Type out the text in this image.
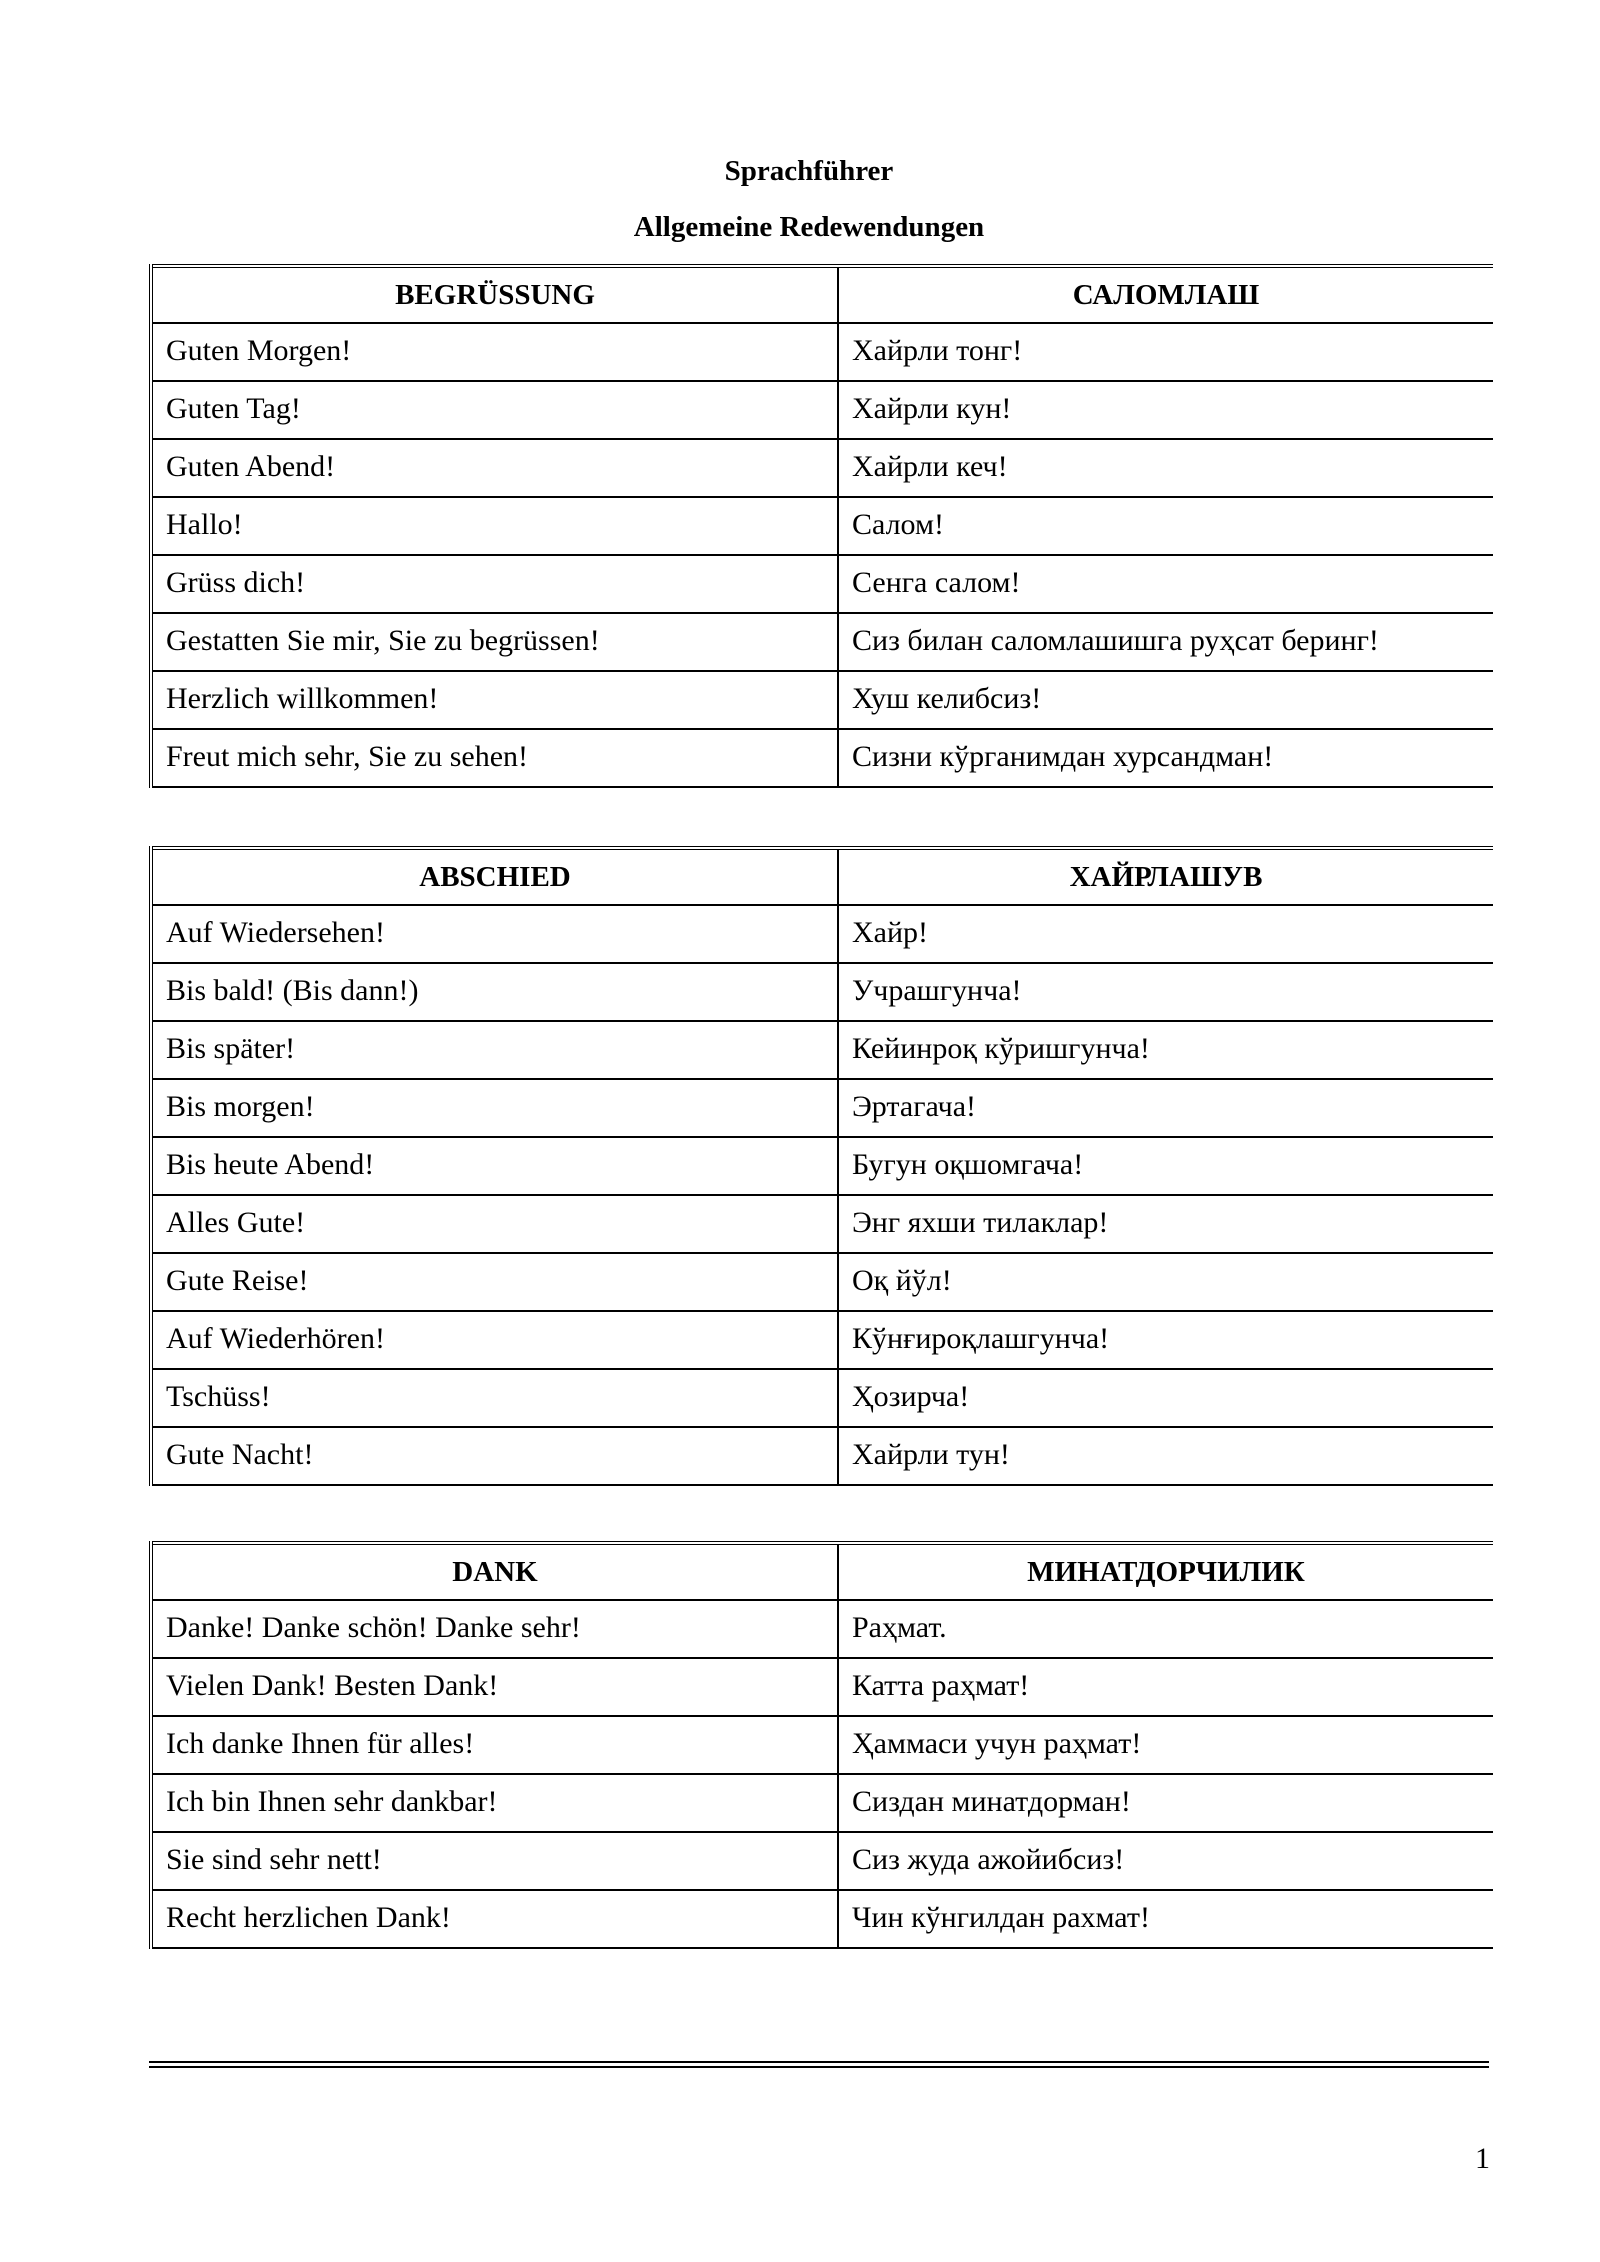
Sprachführer
Allgemeine Redewendungen
BEGRÜSSUNG	САЛОМЛАШ
Guten Morgen!	Хайрли тонг!
Guten Tag!	Хайрли кун!
Guten Abend!	Хайрли кеч!
Hallo!	Салом!
Grüss dich!	Сенга салом!
Gestatten Sie mir, Sie zu begrüssen!	Сиз билан саломлашишга руҳсат беринг!
Herzlich willkommen!	Хуш келибсиз!
Freut mich sehr, Sie zu sehen!	Сизни кўрганимдан хурсандман!
ABSCHIED	ХАЙРЛАШУВ
Auf Wiedersehen!	Хайр!
Bis bald! (Bis dann!)	Учрашгунча!
Bis später!	Кейинроқ кўришгунча!
Bis morgen!	Эртагача!
Bis heute Abend!	Бугун оқшомгача!
Alles Gute!	Энг яхши тилаклар!
Gute Reise!	Оқ йўл!
Auf Wiederhören!	Кўнғироқлашгунча!
Tschüss!	Ҳозирча!
Gute Nacht!	Хайрли тун!
DANK	МИНАТДОРЧИЛИК
Danke! Danke schön! Danke sehr!	Раҳмат.
Vielen Dank! Besten Dank!	Катта раҳмат!
Ich danke Ihnen für alles!	Ҳаммаси учун раҳмат!
Ich bin Ihnen sehr dankbar!	Сиздан минатдорман!
Sie sind sehr nett!	Сиз жуда ажойибсиз!
Recht herzlichen Dank!	Чин кўнгилдан рахмат!
1
